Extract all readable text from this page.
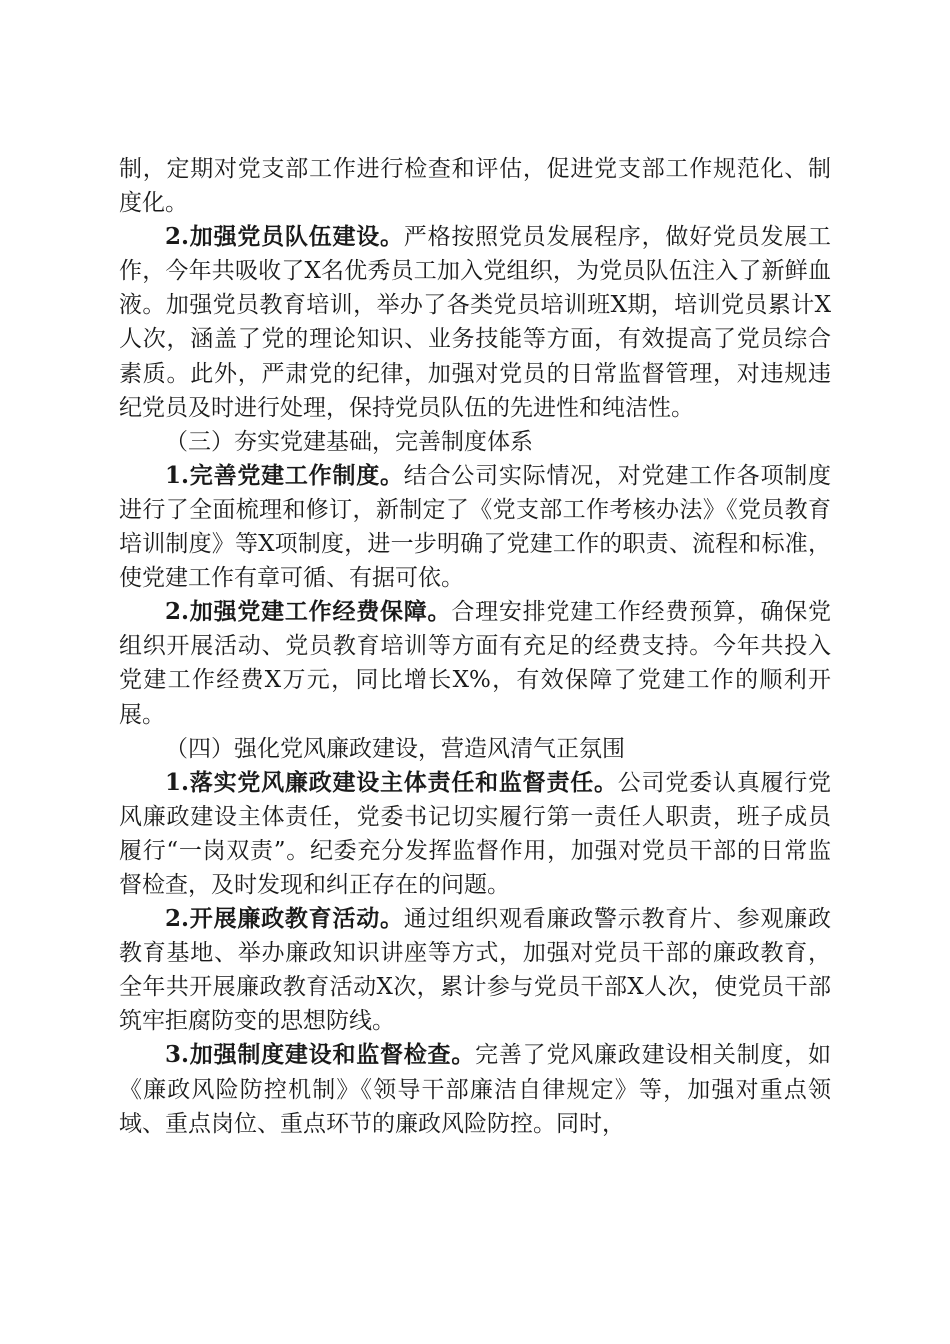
制，定期对党支部工作进行检查和评估，促进党支部工作规范化、制度化。

2.加强党员队伍建设。严格按照党员发展程序，做好党员发展工作，今年共吸收了X名优秀员工加入党组织，为党员队伍注入了新鲜血液。加强党员教育培训，举办了各类党员培训班X期，培训党员累计X人次，涵盖了党的理论知识、业务技能等方面，有效提高了党员综合素质。此外，严肃党的纪律，加强对党员的日常监督管理，对违规违纪党员及时进行处理，保持党员队伍的先进性和纯洁性。

（三）夯实党建基础，完善制度体系

1.完善党建工作制度。结合公司实际情况，对党建工作各项制度进行了全面梳理和修订，新制定了《党支部工作考核办法》《党员教育培训制度》等X项制度，进一步明确了党建工作的职责、流程和标准，使党建工作有章可循、有据可依。

2.加强党建工作经费保障。合理安排党建工作经费预算，确保党组织开展活动、党员教育培训等方面有充足的经费支持。今年共投入党建工作经费X万元，同比增长X%，有效保障了党建工作的顺利开展。

（四）强化党风廉政建设，营造风清气正氛围

1.落实党风廉政建设主体责任和监督责任。公司党委认真履行党风廉政建设主体责任，党委书记切实履行第一责任人职责，班子成员履行“一岗双责”。纪委充分发挥监督作用，加强对党员干部的日常监督检查，及时发现和纠正存在的问题。

2.开展廉政教育活动。通过组织观看廉政警示教育片、参观廉政教育基地、举办廉政知识讲座等方式，加强对党员干部的廉政教育，全年共开展廉政教育活动X次，累计参与党员干部X人次，使党员干部筑牢拒腐防变的思想防线。

3.加强制度建设和监督检查。完善了党风廉政建设相关制度，如《廉政风险防控机制》《领导干部廉洁自律规定》等，加强对重点领域、重点岗位、重点环节的廉政风险防控。同时，
